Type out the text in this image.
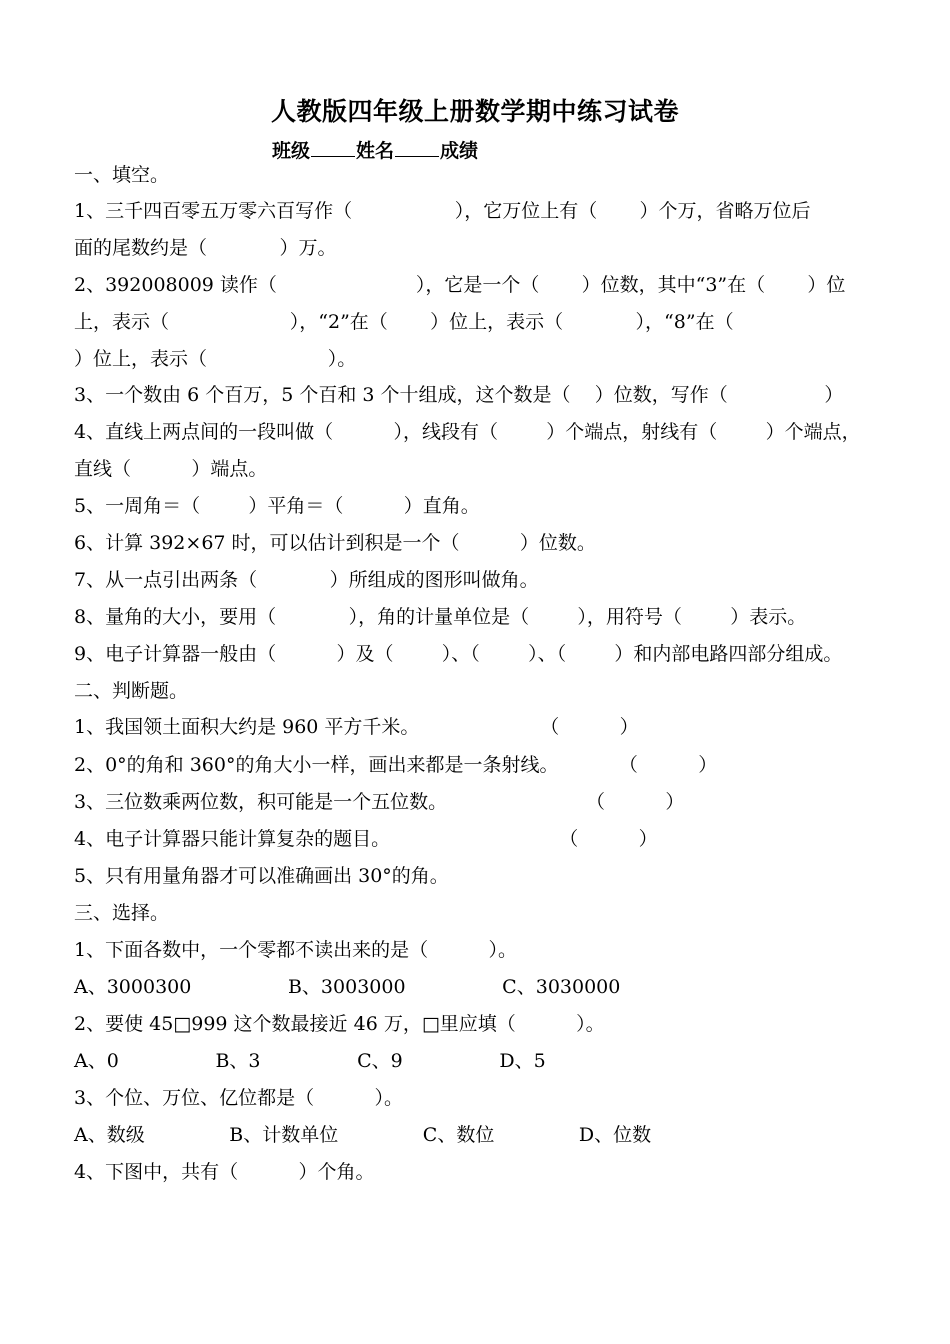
人教版四年级上册数学期中练习试卷
班级 姓名 成绩
一、填空。
1、三千四百零五万零六百写作（                 ），它万位上有（       ）个万，省略万位后
面的尾数约是（            ）万。
2、392008009 读作（                       ），它是一个（       ）位数，其中“3”在（       ）位
上，表示（                    ），“2”在（       ）位上，表示（            ），“8”在（
）位上，表示（                    ）。
3、一个数由 6 个百万，5 个百和 3 个十组成，这个数是（    ）位数，写作（                ）
4、直线上两点间的一段叫做（          ），线段有（        ）个端点，射线有（        ）个端点，
直线（          ）端点。
5、一周角＝（        ）平角＝（          ）直角。
6、计算 392×67 时，可以估计到积是一个（          ）位数。
7、从一点引出两条（            ）所组成的图形叫做角。
8、量角的大小，要用（            ），角的计量单位是（        ），用符号（        ）表示。
9、电子计算器一般由（          ）及（        ）、（        ）、（        ）和内部电路四部分组成。
二、判断题。
1、我国领土面积大约是 960 平方千米。                    （          ）
2、0°的角和 360°的角大小一样，画出来都是一条射线。          （          ）
3、三位数乘两位数，积可能是一个五位数。                       （          ）
4、电子计算器只能计算复杂的题目。                            （          ）
5、只有用量角器才可以准确画出 30°的角。
三、选择。
1、下面各数中，一个零都不读出来的是（          ）。
A、3000300                B、3003000                C、3030000
2、要使 45□999 这个数最接近 46 万，□里应填（          ）。
A、0                B、3                C、9                D、5
3、个位、万位、亿位都是（          ）。
A、数级              B、计数单位              C、数位              D、位数
4、下图中，共有（          ）个角。
